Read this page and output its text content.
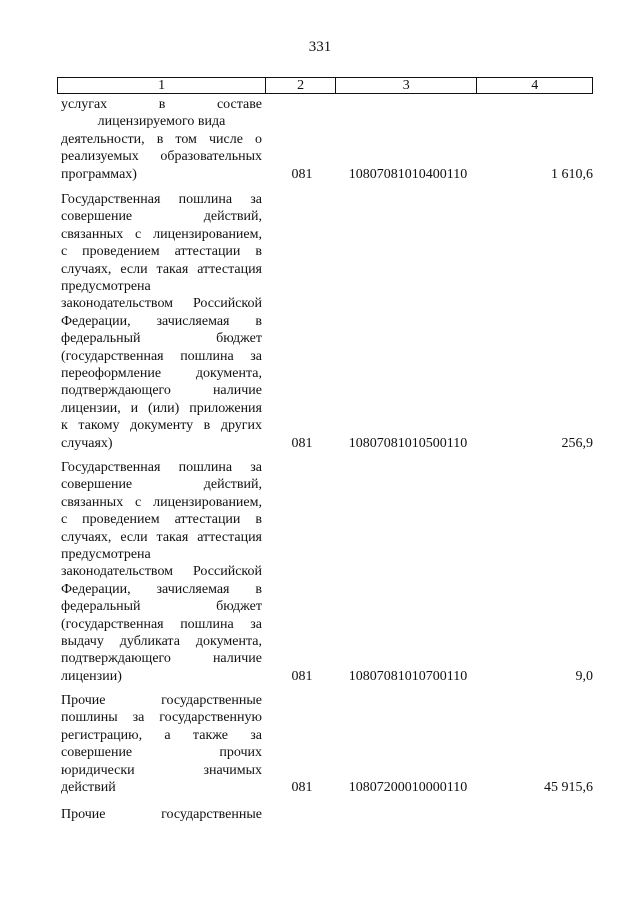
331
1	2	3	4
услугах в составе
лицензируемого вида
деятельности, в том числе о
реализуемых образовательных
программах)	081	10807081010400110	1 610,6
Государственная пошлина за
совершение действий,
связанных с лицензированием,
с проведением аттестации в
случаях, если такая аттестация
предусмотрена
законодательством Российской
Федерации, зачисляемая в
федеральный бюджет
(государственная пошлина за
переоформление документа,
подтверждающего наличие
лицензии, и (или) приложения
к такому документу в других
случаях)	081	10807081010500110	256,9
Государственная пошлина за
совершение действий,
связанных с лицензированием,
с проведением аттестации в
случаях, если такая аттестация
предусмотрена
законодательством Российской
Федерации, зачисляемая в
федеральный бюджет
(государственная пошлина за
выдачу дубликата документа,
подтверждающего наличие
лицензии)	081	10807081010700110	9,0
Прочие государственные
пошлины за государственную
регистрацию, а также за
совершение прочих
юридически значимых
действий	081	10807200010000110	45 915,6
Прочие государственные
